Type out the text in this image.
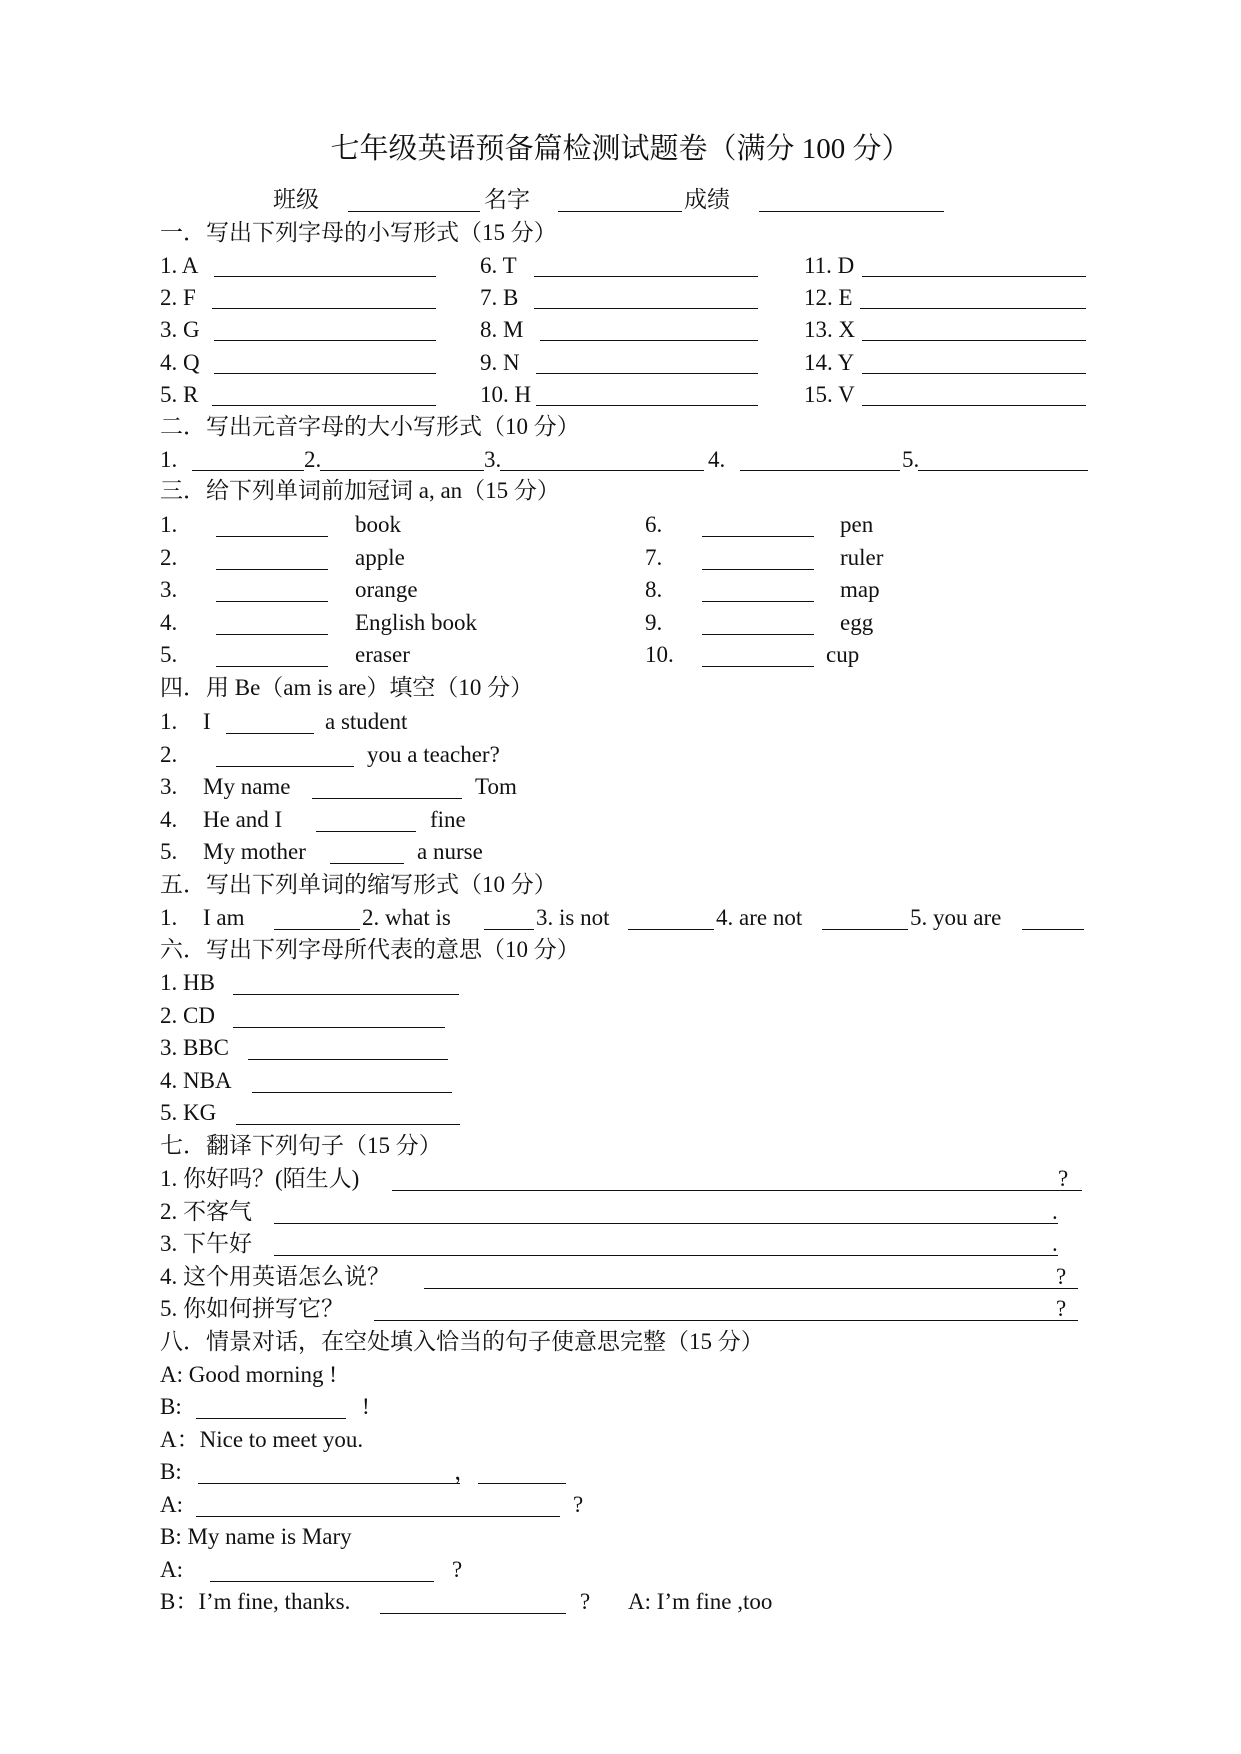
七年级英语预备篇检测试题卷（满分 100 分）
班级	名字	成绩
一．写出下列字母的小写形式（15 分）
1. A
2. F
3. G
4. Q
5. R
6. T
7. B
8. M
9. N
10. H
11. D
12. E
13. X
14. Y
15. V
二．写出元音字母的大小写形式（10 分）
1.	2.	3.	4.	5.
三．给下列单词前加冠词 a, an（15 分）
1.	book
2.	apple
3.	orange
4.	English book
5.	eraser
6.	pen
7.	ruler
8.	map
9.	egg
10.	cup
四．用 Be（am is are）填空（10 分）
1. I	a student
2.	you a teacher?
3. My name	Tom
4. He and I	fine
5. My mother	a nurse
五．写出下列单词的缩写形式（10 分）
1. I am	2. what is	3. is not	4. are not	5. you are
六．写出下列字母所代表的意思（10 分）
1. HB
2. CD
3. BBC
4. NBA
5. KG
七．翻译下列句子（15 分）
1. 你好吗？(陌生人)	?
2. 不客气	.
3. 下午好	.
4. 这个用英语怎么说？	?
5. 你如何拼写它？	?
八．情景对话，在空处填入恰当的句子使意思完整（15 分）
A: Good morning !
B:	!
A：Nice to meet you.
B:	，
A:	?
B: My name is Mary
A:	?
B：I’m fine, thanks.	? A: I’m fine ,too
